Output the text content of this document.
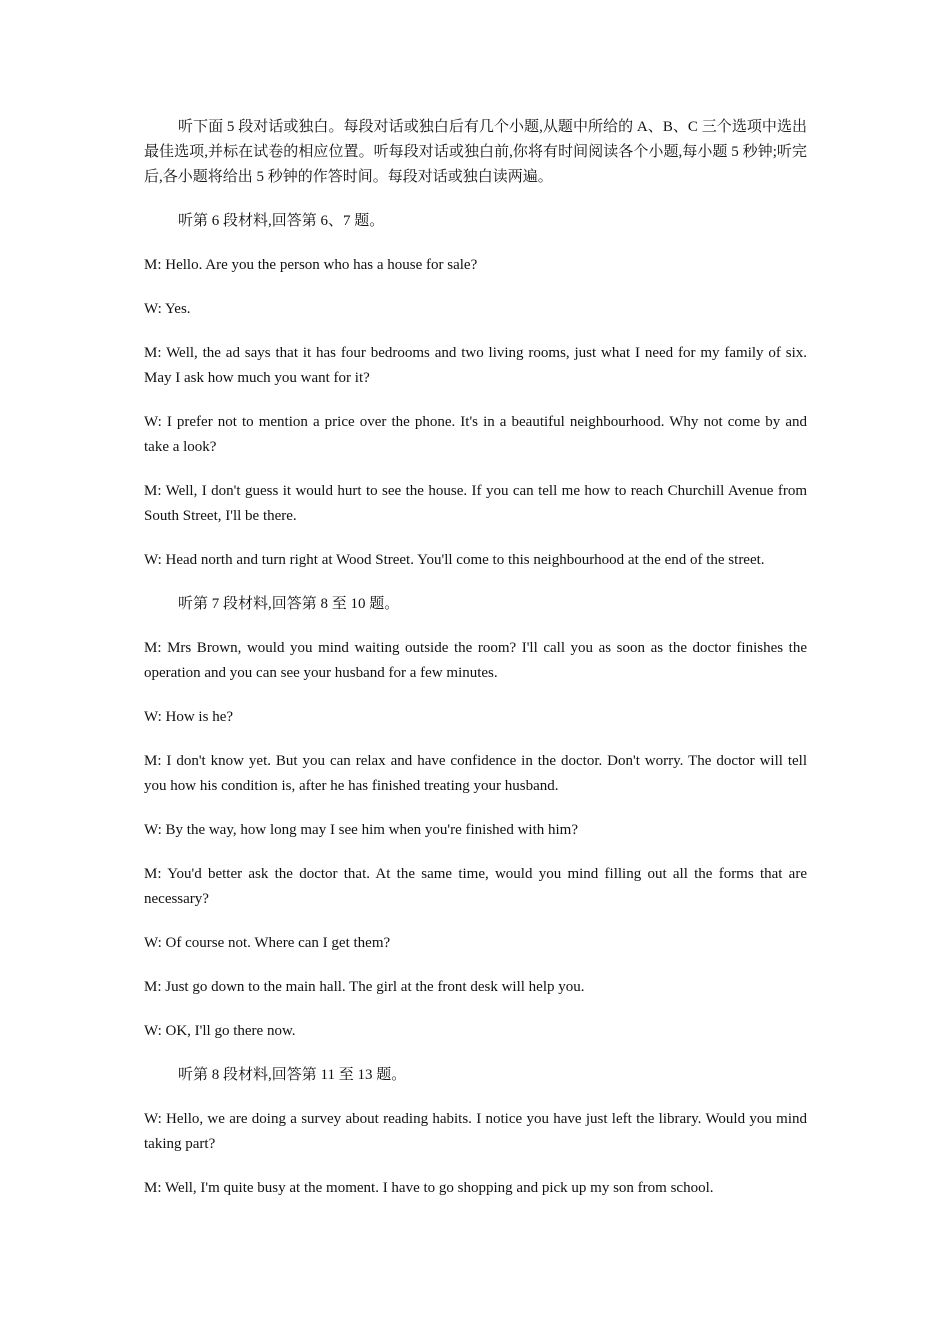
听下面 5 段对话或独白。每段对话或独白后有几个小题,从题中所给的 A、B、C 三个选项中选出最佳选项,并标在试卷的相应位置。听每段对话或独白前,你将有时间阅读各个小题,每小题 5 秒钟;听完后,各小题将给出 5 秒钟的作答时间。每段对话或独白读两遍。

听第 6 段材料,回答第 6、7 题。

M: Hello. Are you the person who has a house for sale?

W: Yes.

M: Well, the ad says that it has four bedrooms and two living rooms, just what I need for my family of six. May I ask how much you want for it?

W: I prefer not to mention a price over the phone. It's in a beautiful neighbourhood. Why not come by and take a look?

M: Well, I don't guess it would hurt to see the house. If you can tell me how to reach Churchill Avenue from South Street, I'll be there.

W: Head north and turn right at Wood Street. You'll come to this neighbourhood at the end of the street.

听第 7 段材料,回答第 8 至 10 题。

M: Mrs Brown, would you mind waiting outside the room? I'll call you as soon as the doctor finishes the operation and you can see your husband for a few minutes.

W: How is he?

M: I don't know yet. But you can relax and have confidence in the doctor. Don't worry. The doctor will tell you how his condition is, after he has finished treating your husband.

W: By the way, how long may I see him when you're finished with him?

M: You'd better ask the doctor that. At the same time, would you mind filling out all the forms that are necessary?

W: Of course not. Where can I get them?

M: Just go down to the main hall. The girl at the front desk will help you.

W: OK, I'll go there now.

听第 8 段材料,回答第 11 至 13 题。

W: Hello, we are doing a survey about reading habits. I notice you have just left the library. Would you mind taking part?

M: Well, I'm quite busy at the moment. I have to go shopping and pick up my son from school.
